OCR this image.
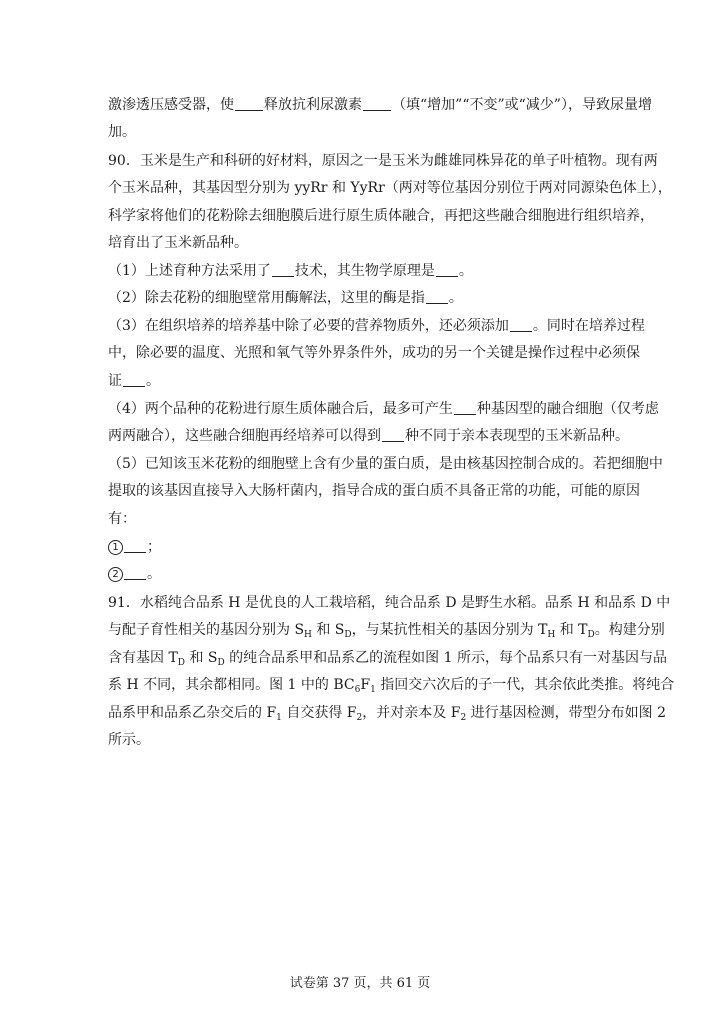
激渗透压感受器，使 释放抗利尿激素 （填“增加”“不变”或“减少”），导致尿量增
加。
90．玉米是生产和科研的好材料，原因之一是玉米为雌雄同株异花的单子叶植物。现有两
个玉米品种，其基因型分别为 yyRr 和 YyRr（两对等位基因分别位于两对同源染色体上），
科学家将他们的花粉除去细胞膜后进行原生质体融合，再把这些融合细胞进行组织培养，
培育出了玉米新品种。
（1）上述育种方法采用了 技术，其生物学原理是 。
（2）除去花粉的细胞壁常用酶解法，这里的酶是指 。
（3）在组织培养的培养基中除了必要的营养物质外，还必须添加 。同时在培养过程
中，除必要的温度、光照和氧气等外界条件外，成功的另一个关键是操作过程中必须保
证 。
（4）两个品种的花粉进行原生质体融合后，最多可产生 种基因型的融合细胞（仅考虑
两两融合），这些融合细胞再经培养可以得到 种不同于亲本表现型的玉米新品种。
（5）已知该玉米花粉的细胞壁上含有少量的蛋白质，是由核基因控制合成的。若把细胞中
提取的该基因直接导入大肠杆菌内，指导合成的蛋白质不具备正常的功能，可能的原因
有：
1 ；
2 。
91．水稻纯合品系 H 是优良的人工栽培稻，纯合品系 D 是野生水稻。品系 H 和品系 D 中
与配子育性相关的基因分别为 $S_H$ 和 $S_D$，与某抗性相关的基因分别为 $T_H$ 和 $T_D$。构建分别
含有基因 $T_D$ 和 $S_D$ 的纯合品系甲和品系乙的流程如图 1 所示，每个品系只有一对基因与品
系 H 不同，其余都相同。图 1 中的 $BC_6F_1$ 指回交六次后的子一代，其余依此类推。将纯合
品系甲和品系乙杂交后的 $F_1$ 自交获得 $F_2$，并对亲本及 $F_2$ 进行基因检测，带型分布如图 2
所示。
试卷第 37 页，共 61 页
